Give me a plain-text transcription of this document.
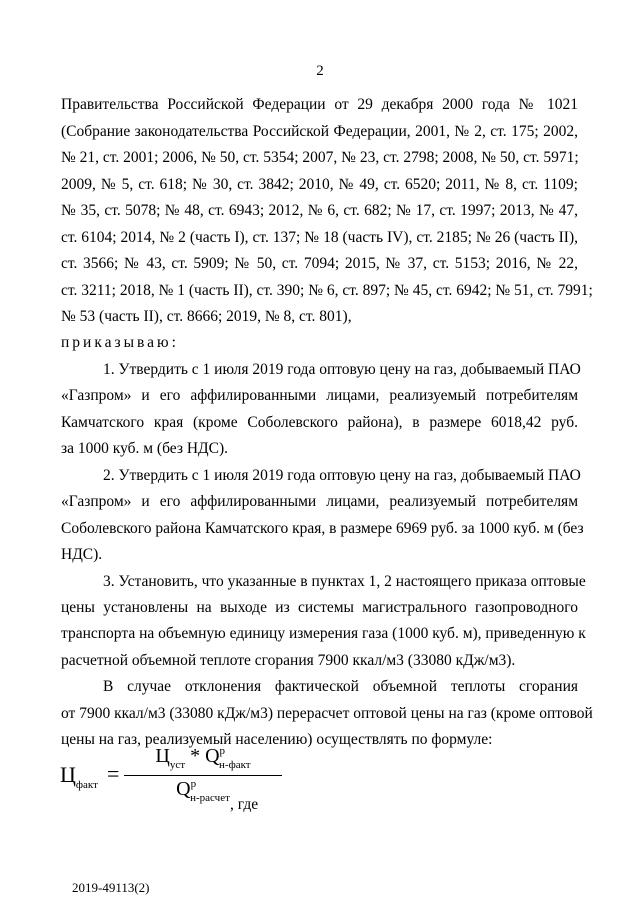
2
Правительства Российской Федерации от 29 декабря 2000 года № 1021
(Собрание законодательства Российской Федерации, 2001, № 2, ст. 175; 2002,
№ 21, ст. 2001; 2006, № 50, ст. 5354; 2007, № 23, ст. 2798; 2008, № 50, ст. 5971;
2009, № 5, ст. 618; № 30, ст. 3842; 2010, № 49, ст. 6520; 2011, № 8, ст. 1109;
№ 35, ст. 5078; № 48, ст. 6943; 2012, № 6, ст. 682; № 17, ст. 1997; 2013, № 47,
ст. 6104; 2014, № 2 (часть I), ст. 137; № 18 (часть IV), ст. 2185; № 26 (часть II),
ст. 3566; № 43, ст. 5909; № 50, ст. 7094; 2015, № 37, ст. 5153; 2016, № 22,
ст. 3211; 2018, № 1 (часть II), ст. 390; № 6, ст. 897; № 45, ст. 6942; № 51, ст. 7991;
№ 53 (часть II), ст. 8666; 2019, № 8, ст. 801),
приказываю:
1. Утвердить с 1 июля 2019 года оптовую цену на газ, добываемый ПАО
«Газпром» и его аффилированными лицами, реализуемый потребителям
Камчатского края (кроме Соболевского района), в размере 6018,42 руб.
за 1000 куб. м (без НДС).
2. Утвердить с 1 июля 2019 года оптовую цену на газ, добываемый ПАО
«Газпром» и его аффилированными лицами, реализуемый потребителям
Соболевского района Камчатского края, в размере 6969 руб. за 1000 куб. м (без
НДС).
3. Установить, что указанные в пунктах 1, 2 настоящего приказа оптовые
цены установлены на выходе из системы магистрального газопроводного
транспорта на объемную единицу измерения газа (1000 куб. м), приведенную к
расчетной объемной теплоте сгорания 7900 ккал/м3 (33080 кДж/м3).
В случае отклонения фактической объемной теплоты сгорания
от 7900 ккал/м3 (33080 кДж/м3) перерасчет оптовой цены на газ (кроме оптовой
цены на газ, реализуемый населению) осуществлять по формуле:
$Ц_{факт}$ =
$Ц_{уст} * Q^р_{н-факт}$
$Q^р_{н-расчет}$ , где
2019-49113(2)
